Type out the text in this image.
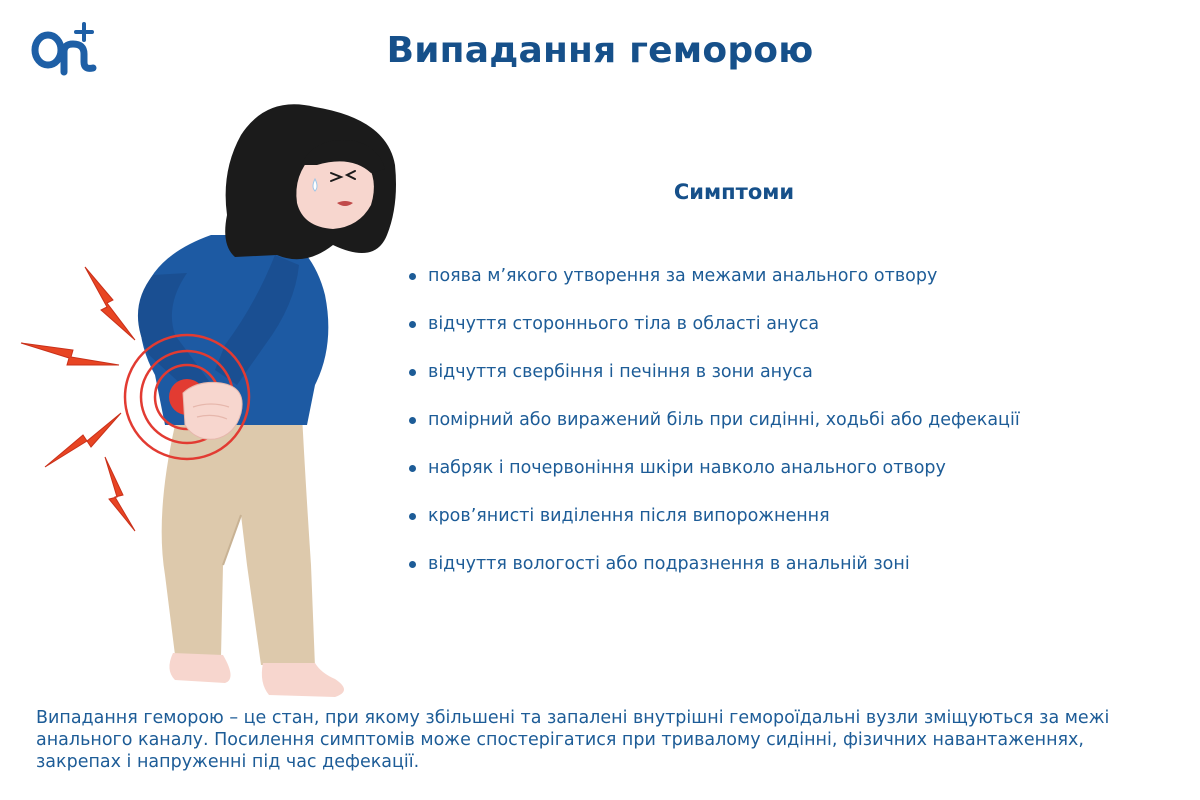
Випадання геморою
Симптоми
поява м’якого утворення за межами анального отвору
відчуття стороннього тіла в області ануса
відчуття свербіння і печіння в зони ануса
помірний або виражений біль при сидінні, ходьбі або дефекації
набряк і почервоніння шкіри навколо анального отвору
кров’янисті виділення після випорожнення
відчуття вологості або подразнення в анальній зоні

Випадання геморою – це стан, при якому збільшені та запалені внутрішні гемороїдальні вузли зміщуються за межі анального каналу. Посилення симптомів може спостерігатися при тривалому сидінні, фізичних навантаженнях, закрепах і напруженні під час дефекації.
